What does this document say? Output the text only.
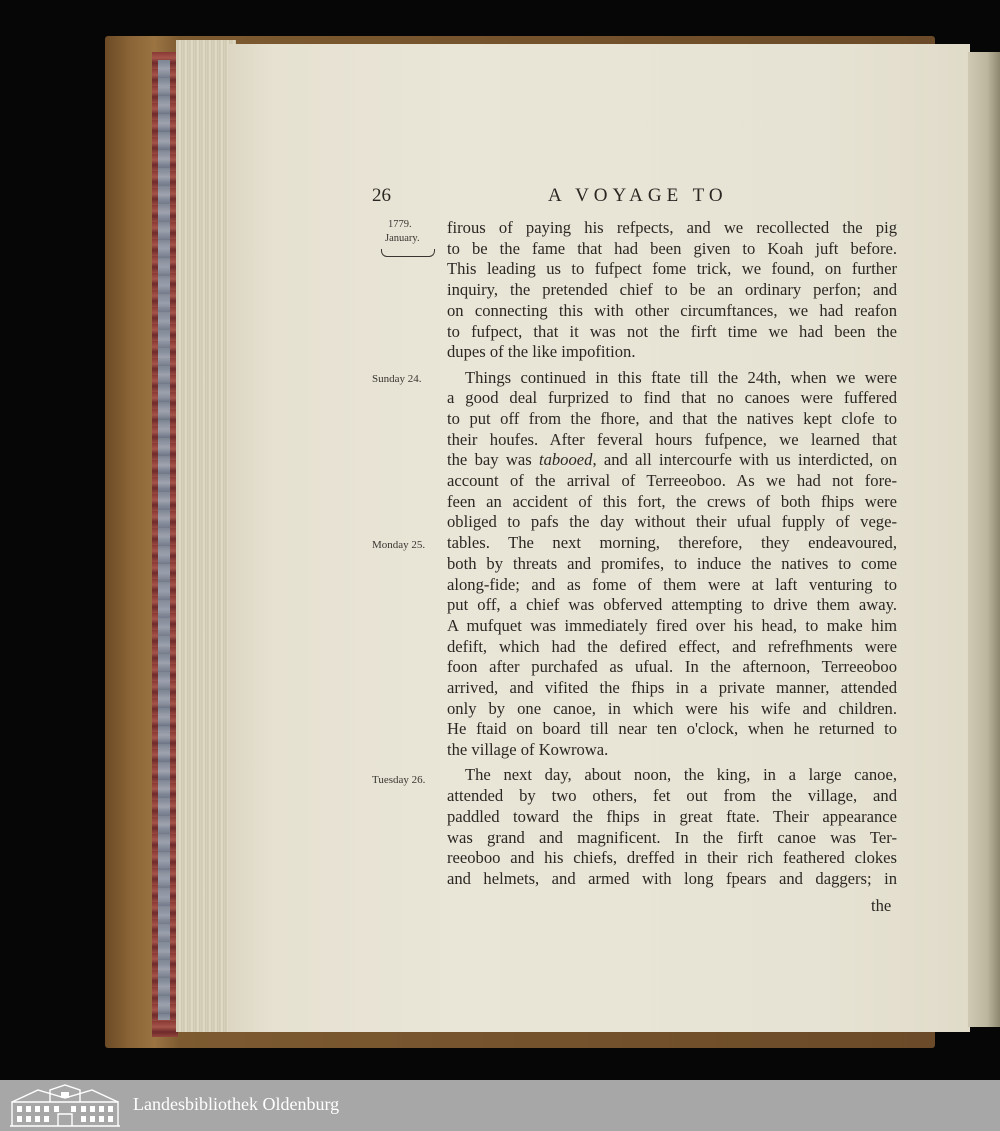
26	A VOYAGE TO
1779.
January.
Sunday 24.
Monday 25.
Tuesday 26.
firous of paying his refpects, and we recollected the pig
to be the fame that had been given to Koah juft before.
This leading us to fufpect fome trick, we found, on further
inquiry, the pretended chief to be an ordinary perfon; and
on connecting this with other circumftances, we had reafon
to fufpect, that it was not the firft time we had been the
dupes of the like impofition.
Things continued in this ftate till the 24th, when we were
a good deal furprized to find that no canoes were fuffered
to put off from the fhore, and that the natives kept clofe to
their houfes. After feveral hours fufpence, we learned that
the bay was tabooed, and all intercourfe with us interdicted, on
account of the arrival of Terreeoboo. As we had not fore-
feen an accident of this fort, the crews of both fhips were
obliged to pafs the day without their ufual fupply of vege-
tables. The next morning, therefore, they endeavoured,
both by threats and promifes, to induce the natives to come
along-fide; and as fome of them were at laft venturing to
put off, a chief was obferved attempting to drive them away.
A mufquet was immediately fired over his head, to make him
defift, which had the defired effect, and refrefhments were
foon after purchafed as ufual. In the afternoon, Terreeoboo
arrived, and vifited the fhips in a private manner, attended
only by one canoe, in which were his wife and children.
He ftaid on board till near ten o'clock, when he returned to
the village of Kowrowa.
The next day, about noon, the king, in a large canoe,
attended by two others, fet out from the village, and
paddled toward the fhips in great ftate. Their appearance
was grand and magnificent. In the firft canoe was Ter-
reeoboo and his chiefs, dreffed in their rich feathered clokes
and helmets, and armed with long fpears and daggers; in
the
Landesbibliothek Oldenburg
